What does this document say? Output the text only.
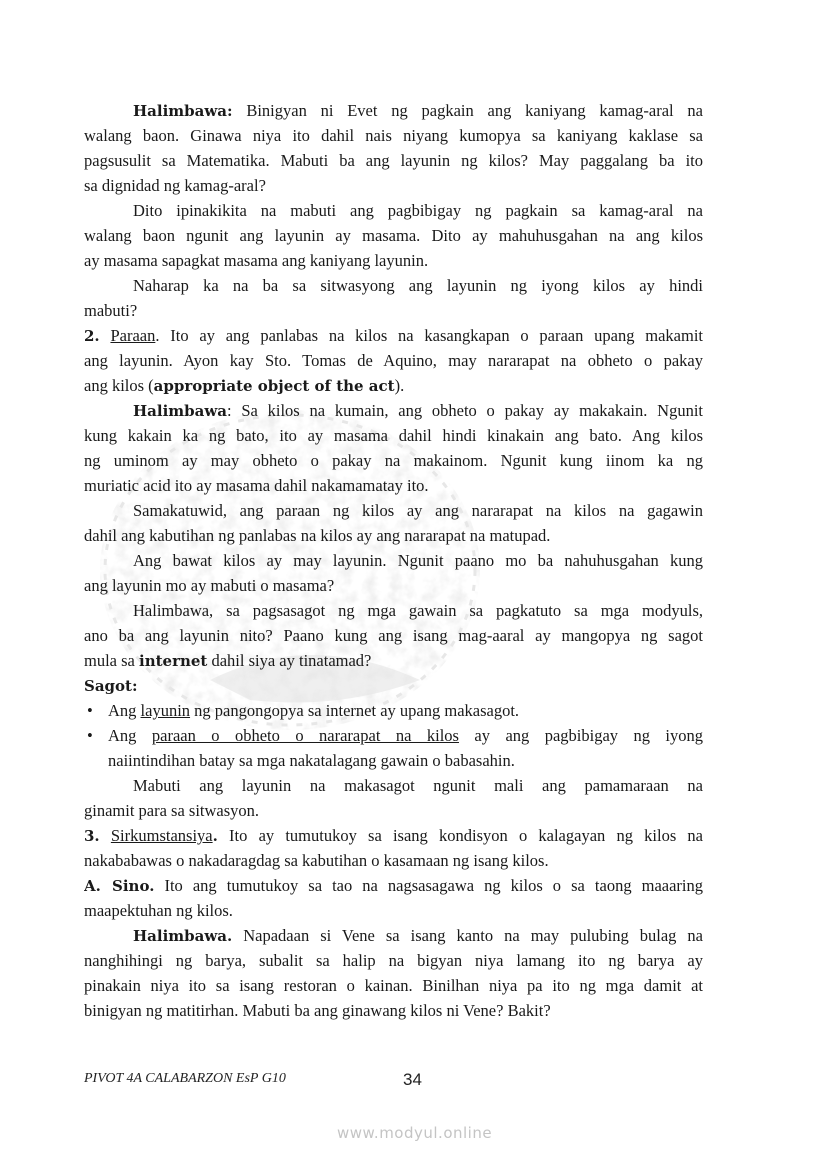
Halimbawa: Binigyan ni Evet ng pagkain ang kaniyang kamag-aral na
walang baon. Ginawa niya ito dahil nais niyang kumopya sa kaniyang kaklase sa
pagsusulit sa Matematika. Mabuti ba ang layunin ng kilos? May paggalang ba ito
sa dignidad ng kamag-aral?
Dito ipinakikita na mabuti ang pagbibigay ng pagkain sa kamag-aral na
walang baon ngunit ang layunin ay masama. Dito ay mahuhusgahan na ang kilos
ay masama sapagkat masama ang kaniyang layunin.
Naharap ka na ba sa sitwasyong ang layunin ng iyong kilos ay hindi
mabuti?
2. Paraan. Ito ay ang panlabas na kilos na kasangkapan o paraan upang makamit
ang layunin. Ayon kay Sto. Tomas de Aquino, may nararapat na obheto o pakay
ang kilos (appropriate object of the act).
Halimbawa: Sa kilos na kumain, ang obheto o pakay ay makakain. Ngunit
kung kakain ka ng bato, ito ay masama dahil hindi kinakain ang bato. Ang kilos
ng uminom ay may obheto o pakay na makainom. Ngunit kung iinom ka ng
muriatic acid ito ay masama dahil nakamamatay ito.
Samakatuwid, ang paraan ng kilos ay ang nararapat na kilos na gagawin
dahil ang kabutihan ng panlabas na kilos ay ang nararapat na matupad.
Ang bawat kilos ay may layunin. Ngunit paano mo ba nahuhusgahan kung
ang layunin mo ay mabuti o masama?
Halimbawa, sa pagsasagot ng mga gawain sa pagkatuto sa mga modyuls,
ano ba ang layunin nito? Paano kung ang isang mag-aaral ay mangopya ng sagot
mula sa internet dahil siya ay tinatamad?
Sagot:
• Ang layunin ng pangongopya sa internet ay upang makasagot.
• Ang paraan o obheto o nararapat na kilos ay ang pagbibigay ng iyong
naiintindihan batay sa mga nakatalagang gawain o babasahin.
Mabuti ang layunin na makasagot ngunit mali ang pamamaraan na
ginamit para sa sitwasyon.
3. Sirkumstansiya. Ito ay tumutukoy sa isang kondisyon o kalagayan ng kilos na
nakababawas o nakadaragdag sa kabutihan o kasamaan ng isang kilos.
A. Sino. Ito ang tumutukoy sa tao na nagsasagawa ng kilos o sa taong maaaring
maapektuhan ng kilos.
Halimbawa. Napadaan si Vene sa isang kanto na may pulubing bulag na
nanghihingi ng barya, subalit sa halip na bigyan niya lamang ito ng barya ay
pinakain niya ito sa isang restoran o kainan. Binilhan niya pa ito ng mga damit at
binigyan ng matitirhan. Mabuti ba ang ginawang kilos ni Vene? Bakit?
PIVOT 4A CALABARZON EsP G10	34
www.modyul.online
